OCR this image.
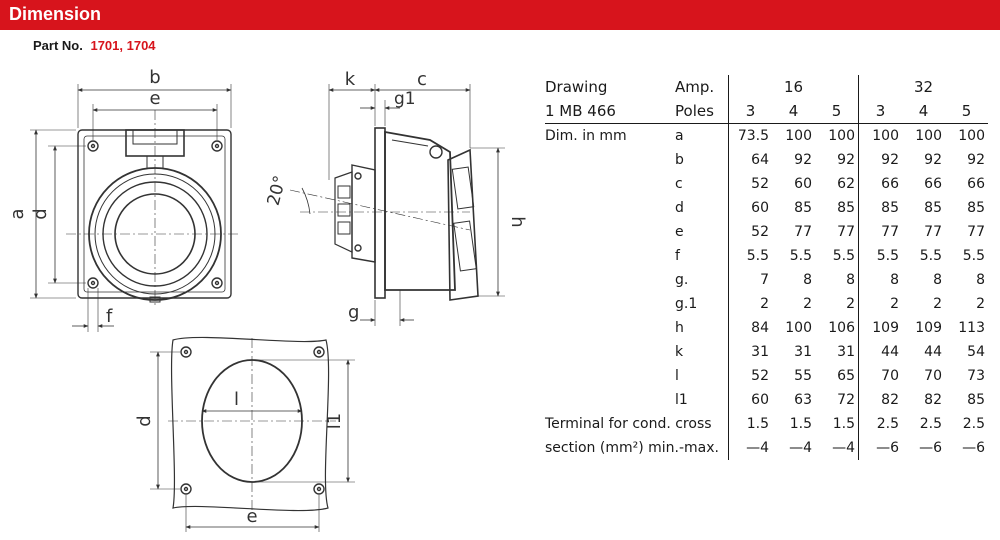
Dimension
Part No. 1701, 1704
b
e
a d
f
k	c
g1
20°
h
g
d
l
l1
e
Drawing	Amp.	16			32		
1 MB 466	Poles	3	4	5	3	4	5
Dim. in mm	a	73.5	100	100	100	100	100
	b	64	92	92	92	92	92
	c	52	60	62	66	66	66
	d	60	85	85	85	85	85
	e	52	77	77	77	77	77
	f	5.5	5.5	5.5	5.5	5.5	5.5
	g.	7	8	8	8	8	8
	g.1	2	2	2	2	2	2
	h	84	100	106	109	109	113
	k	31	31	31	44	44	54
	l	52	55	65	70	70	73
	l1	60	63	72	82	82	85
Terminal for cond. cross		1.5	1.5	1.5	2.5	2.5	2.5
section (mm²) min.-max.		—4	—4	—4	—6	—6	—6
